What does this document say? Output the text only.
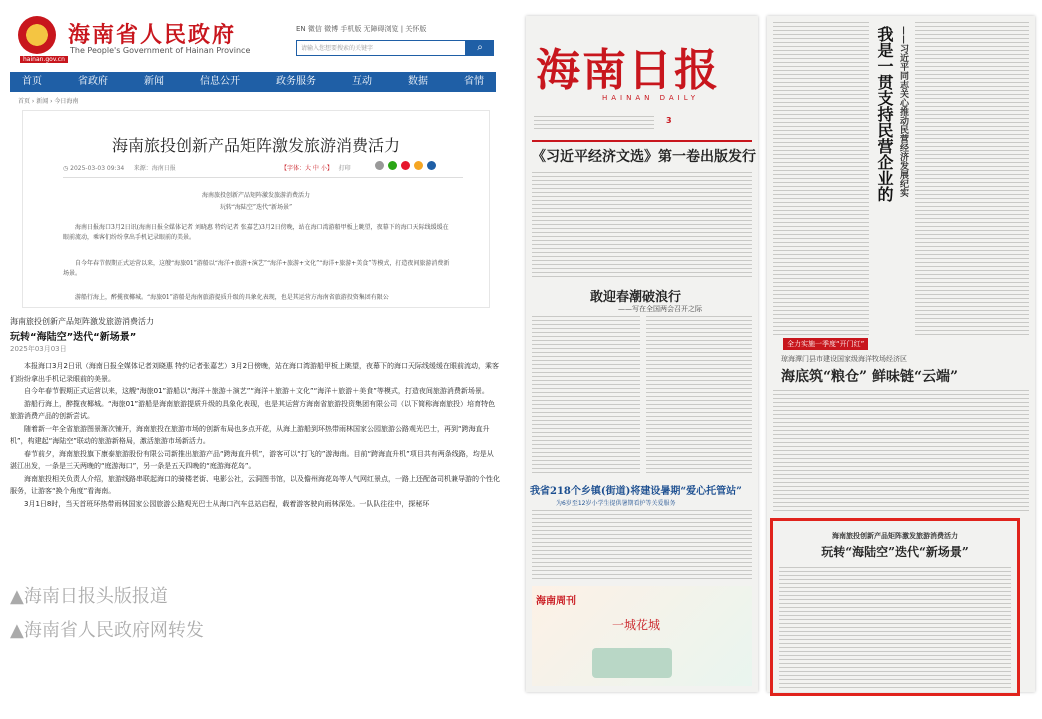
海南省人民政府
The People's Government of Hainan Province
hainan.gov.cn
EN 微信 微博 手机版 无障碍浏览 | 关怀版
请输入您想要搜索的关键字	⌕
首页	省政府	新闻	信息公开	政务服务	互动	数据	省情
首页 › 新闻 › 今日海南
海南旅投创新产品矩阵激发旅游消费活力
◷ 2025-03-03 09:34 来源：海南日报	【字体：大 中 小】 打印
海南旅投创新产品矩阵激发旅游消费活力
玩转“海陆空”迭代“新场景”
海南日报海口3月2日讯(海南日报全媒体记者 刘晓惠 特约记者 张嘉艺)3月2日傍晚，站在海口湾游船甲板上眺望，夜幕下的海口天际线缓缓在眼前流动，乘客们纷纷拿出手机记录眼前的美景。
自今年春节假期正式运营以来，这艘“海旅01”游船以“海洋+旅游+演艺”“海洋+旅游+文化”“海洋+旅游+美食”等模式，打造夜间旅游消费新场景。
游船行海上，醉揽夜椰城。“海旅01”游船是海南旅游提质升级的具象化表现，也是其运营方海南省旅游投资集团有限公
海南旅投创新产品矩阵激发旅游消费活力
玩转“海陆空”迭代“新场景”
2025年03月03日

本报海口3月2日讯（海南日报全媒体记者刘晓惠 特约记者张嘉艺）3月2日傍晚，站在海口湾游船甲板上眺望，夜幕下的海口天际线缓缓在眼前流动，乘客们纷纷拿出手机记录眼前的美景。

自今年春节假期正式运营以来，这艘“海旅01”游船以“海洋＋旅游＋演艺”“海洋＋旅游＋文化”“海洋＋旅游＋美食”等模式，打造夜间旅游消费新场景。

游船行海上，醉揽夜椰城。“海旅01”游船是海南旅游提质升级的具象化表现，也是其运营方海南省旅游投资集团有限公司（以下简称海南旅投）培育特色旅游消费产品的创新尝试。

随着新一年全省旅游图景渐次铺开，海南旅投在旅游市场的创新布局也多点开花，从海上游船到环热带雨林国家公园旅游公路观光巴士，再到“跨海直升机”，构建起“海陆空”联动的旅游新格局，激活旅游市场新活力。

春节前夕，海南旅投旗下康泰旅游股份有限公司新推出旅游产品“跨海直升机”，游客可以“打飞的”游海南。目前“跨海直升机”项目共有两条线路，均是从湛江出发，一条是三天两晚的“庭游海口”，另一条是五天四晚的“庭游海花岛”。

海南旅投相关负责人介绍，旅游线路串联起海口的骑楼老街、电影公社，云洞图书馆，以及儋州海花岛等人气网红景点，一路上还配备司机兼导游的个性化服务，让游客“换个角度”看海南。

3月1日8时，当天首班环热带雨林国家公园旅游公路观光巴士从海口汽车总站启程，载着游客驶向雨林深处。一队队往往中，探秘环

▲海南日报头版报道
▲海南省人民政府网转发
海南日报
HAINAN DAILY
3
《习近平经济文选》第一卷出版发行
敢迎春潮破浪行
——写在全国两会召开之际
我省218个乡镇(街道)将建设暑期“爱心托管站”
为6岁至12岁小学生提供暑期看护等关爱服务
海南周刊
一城花城
我是一贯支持民营企业的 ——习近平同志关心推动民营经济发展纪实
全力实施一季度“开门红”
琼海潭门县市建设国家级海洋牧场经济区
海底筑“粮仓” 鲜味链“云端”
海南旅投创新产品矩阵激发旅游消费活力
玩转“海陆空”迭代“新场景”
